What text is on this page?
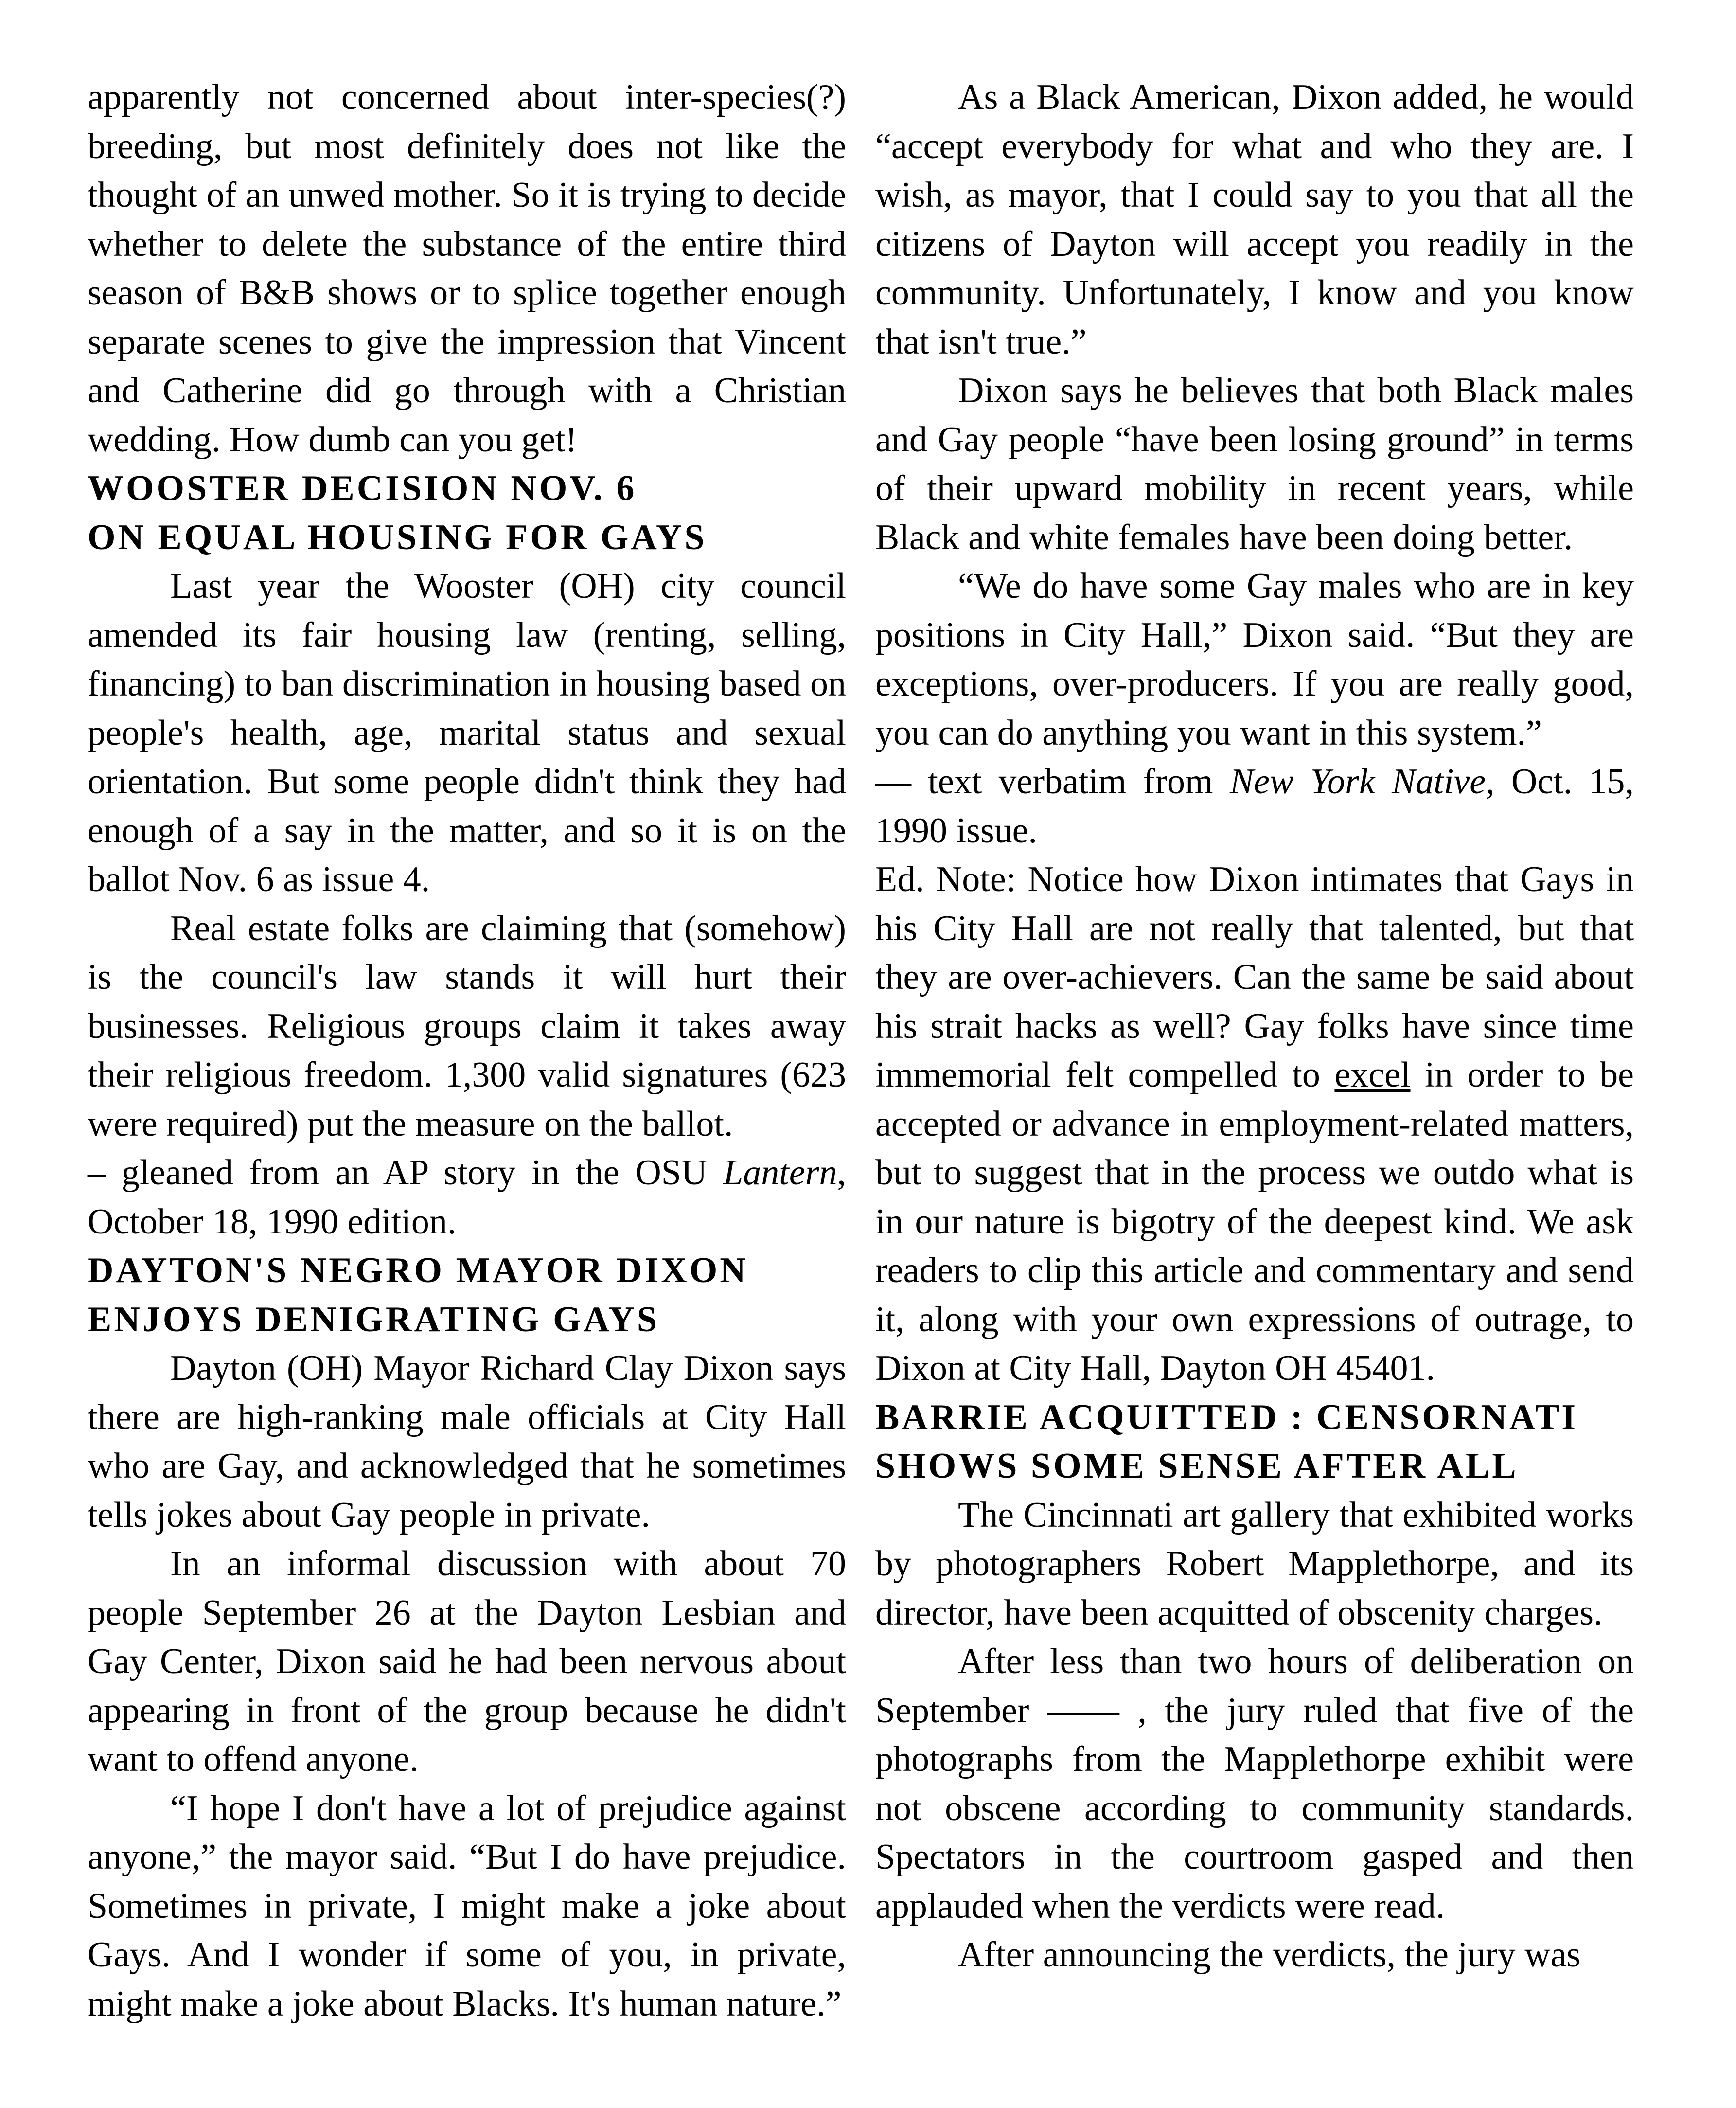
apparently not concerned about inter-species(?) breeding, but most definitely does not like the thought of an unwed mother. So it is trying to decide whether to delete the substance of the entire third season of B&B shows or to splice together enough separate scenes to give the impression that Vincent and Catherine did go through with a Christian wedding. How dumb can you get!

WOOSTER DECISION NOV. 6
ON EQUAL HOUSING FOR GAYS

Last year the Wooster (OH) city council amended its fair housing law (renting, selling, financing) to ban discrimination in housing based on people's health, age, marital status and sexual orientation. But some people didn't think they had enough of a say in the matter, and so it is on the ballot Nov. 6 as issue 4.

Real estate folks are claiming that (somehow) is the council's law stands it will hurt their businesses. Religious groups claim it takes away their religious freedom. 1,300 valid signatures (623 were required) put the measure on the ballot.

– gleaned from an AP story in the OSU Lantern, October 18, 1990 edition.

DAYTON'S NEGRO MAYOR DIXON
ENJOYS DENIGRATING GAYS

Dayton (OH) Mayor Richard Clay Dixon says there are high-ranking male officials at City Hall who are Gay, and acknowledged that he sometimes tells jokes about Gay people in private.

In an informal discussion with about 70 people September 26 at the Dayton Lesbian and Gay Center, Dixon said he had been nervous about appearing in front of the group because he didn't want to offend anyone.

“I hope I don't have a lot of prejudice against anyone,” the mayor said. “But I do have prejudice. Sometimes in private, I might make a joke about Gays. And I wonder if some of you, in private, might make a joke about Blacks. It's human nature.”

As a Black American, Dixon added, he would “accept everybody for what and who they are. I wish, as mayor, that I could say to you that all the citizens of Dayton will accept you readily in the community. Unfortunately, I know and you know that isn't true.”

Dixon says he believes that both Black males and Gay people “have been losing ground” in terms of their upward mobility in recent years, while Black and white females have been doing better.

“We do have some Gay males who are in key positions in City Hall,” Dixon said. “But they are exceptions, over-producers. If you are really good, you can do anything you want in this system.”

— text verbatim from New York Native, Oct. 15, 1990 issue.

Ed. Note: Notice how Dixon intimates that Gays in his City Hall are not really that talented, but that they are over-achievers. Can the same be said about his strait hacks as well? Gay folks have since time immemorial felt compelled to excel in order to be accepted or advance in employment-related matters, but to suggest that in the process we outdo what is in our nature is bigotry of the deepest kind. We ask readers to clip this article and commentary and send it, along with your own expressions of outrage, to Dixon at City Hall, Dayton OH 45401.

BARRIE ACQUITTED : CENSORNATI
SHOWS SOME SENSE AFTER ALL

The Cincinnati art gallery that exhibited works by photographers Robert Mapplethorpe, and its director, have been acquitted of obscenity charges.

After less than two hours of deliberation on September —— , the jury ruled that five of the photographs from the Mapplethorpe exhibit were not obscene according to community standards. Spectators in the courtroom gasped and then applauded when the verdicts were read.

After announcing the verdicts, the jury was
